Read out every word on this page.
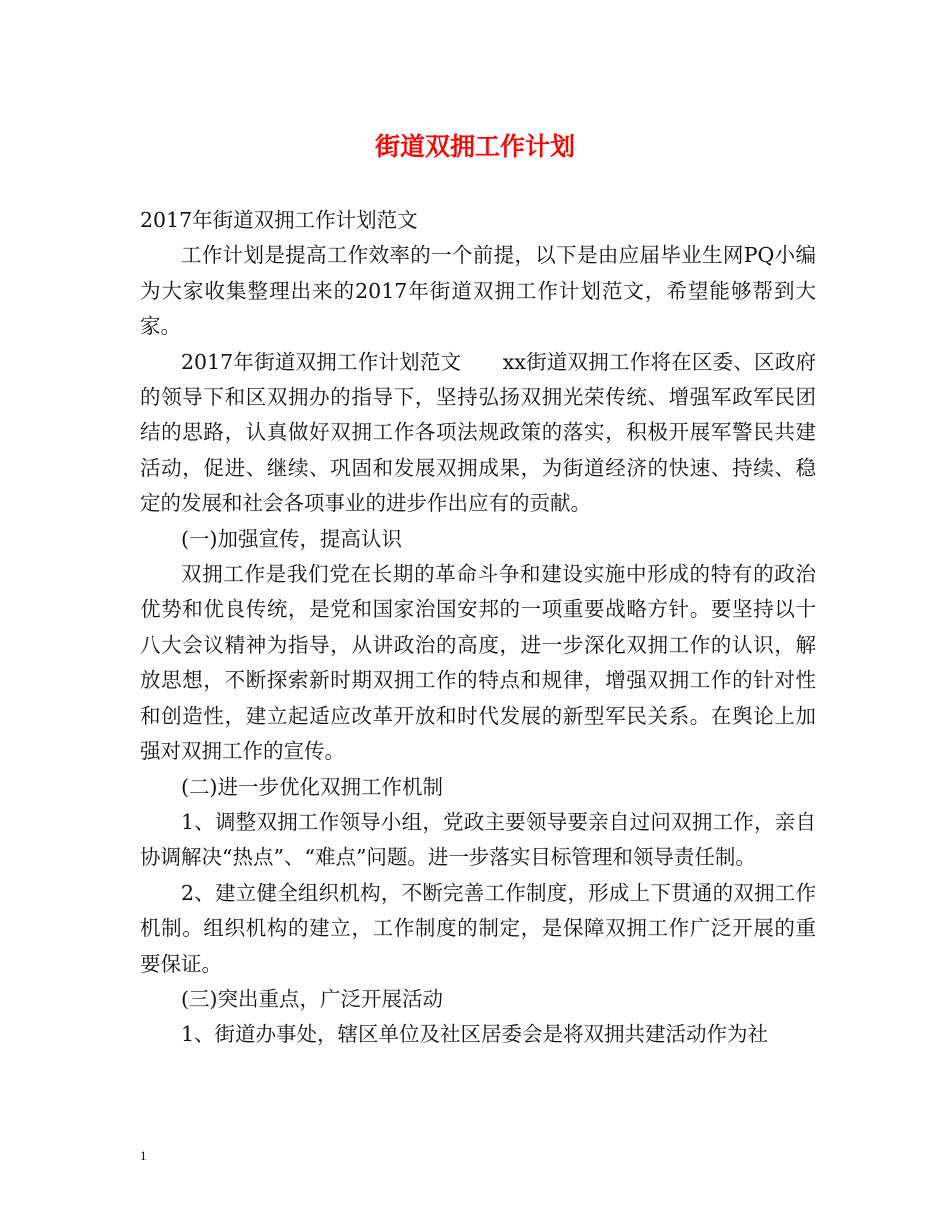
街道双拥工作计划

2017年街道双拥工作计划范文

工作计划是提高工作效率的一个前提，以下是由应届毕业生网PQ小编为大家收集整理出来的2017年街道双拥工作计划范文，希望能够帮到大家。

2017年街道双拥工作计划范文　　xx街道双拥工作将在区委、区政府的领导下和区双拥办的指导下，坚持弘扬双拥光荣传统、增强军政军民团结的思路，认真做好双拥工作各项法规政策的落实，积极开展军警民共建活动，促进、继续、巩固和发展双拥成果，为街道经济的快速、持续、稳定的发展和社会各项事业的进步作出应有的贡献。

(一)加强宣传，提高认识

双拥工作是我们党在长期的革命斗争和建设实施中形成的特有的政治优势和优良传统，是党和国家治国安邦的一项重要战略方针。要坚持以十八大会议精神为指导，从讲政治的高度，进一步深化双拥工作的认识，解放思想，不断探索新时期双拥工作的特点和规律，增强双拥工作的针对性和创造性，建立起适应改革开放和时代发展的新型军民关系。在舆论上加强对双拥工作的宣传。

(二)进一步优化双拥工作机制

1、调整双拥工作领导小组，党政主要领导要亲自过问双拥工作，亲自协调解决“热点”、“难点”问题。进一步落实目标管理和领导责任制。

2、建立健全组织机构，不断完善工作制度，形成上下贯通的双拥工作机制。组织机构的建立，工作制度的制定，是保障双拥工作广泛开展的重要保证。

(三)突出重点，广泛开展活动

1、街道办事处，辖区单位及社区居委会是将双拥共建活动作为社

1
